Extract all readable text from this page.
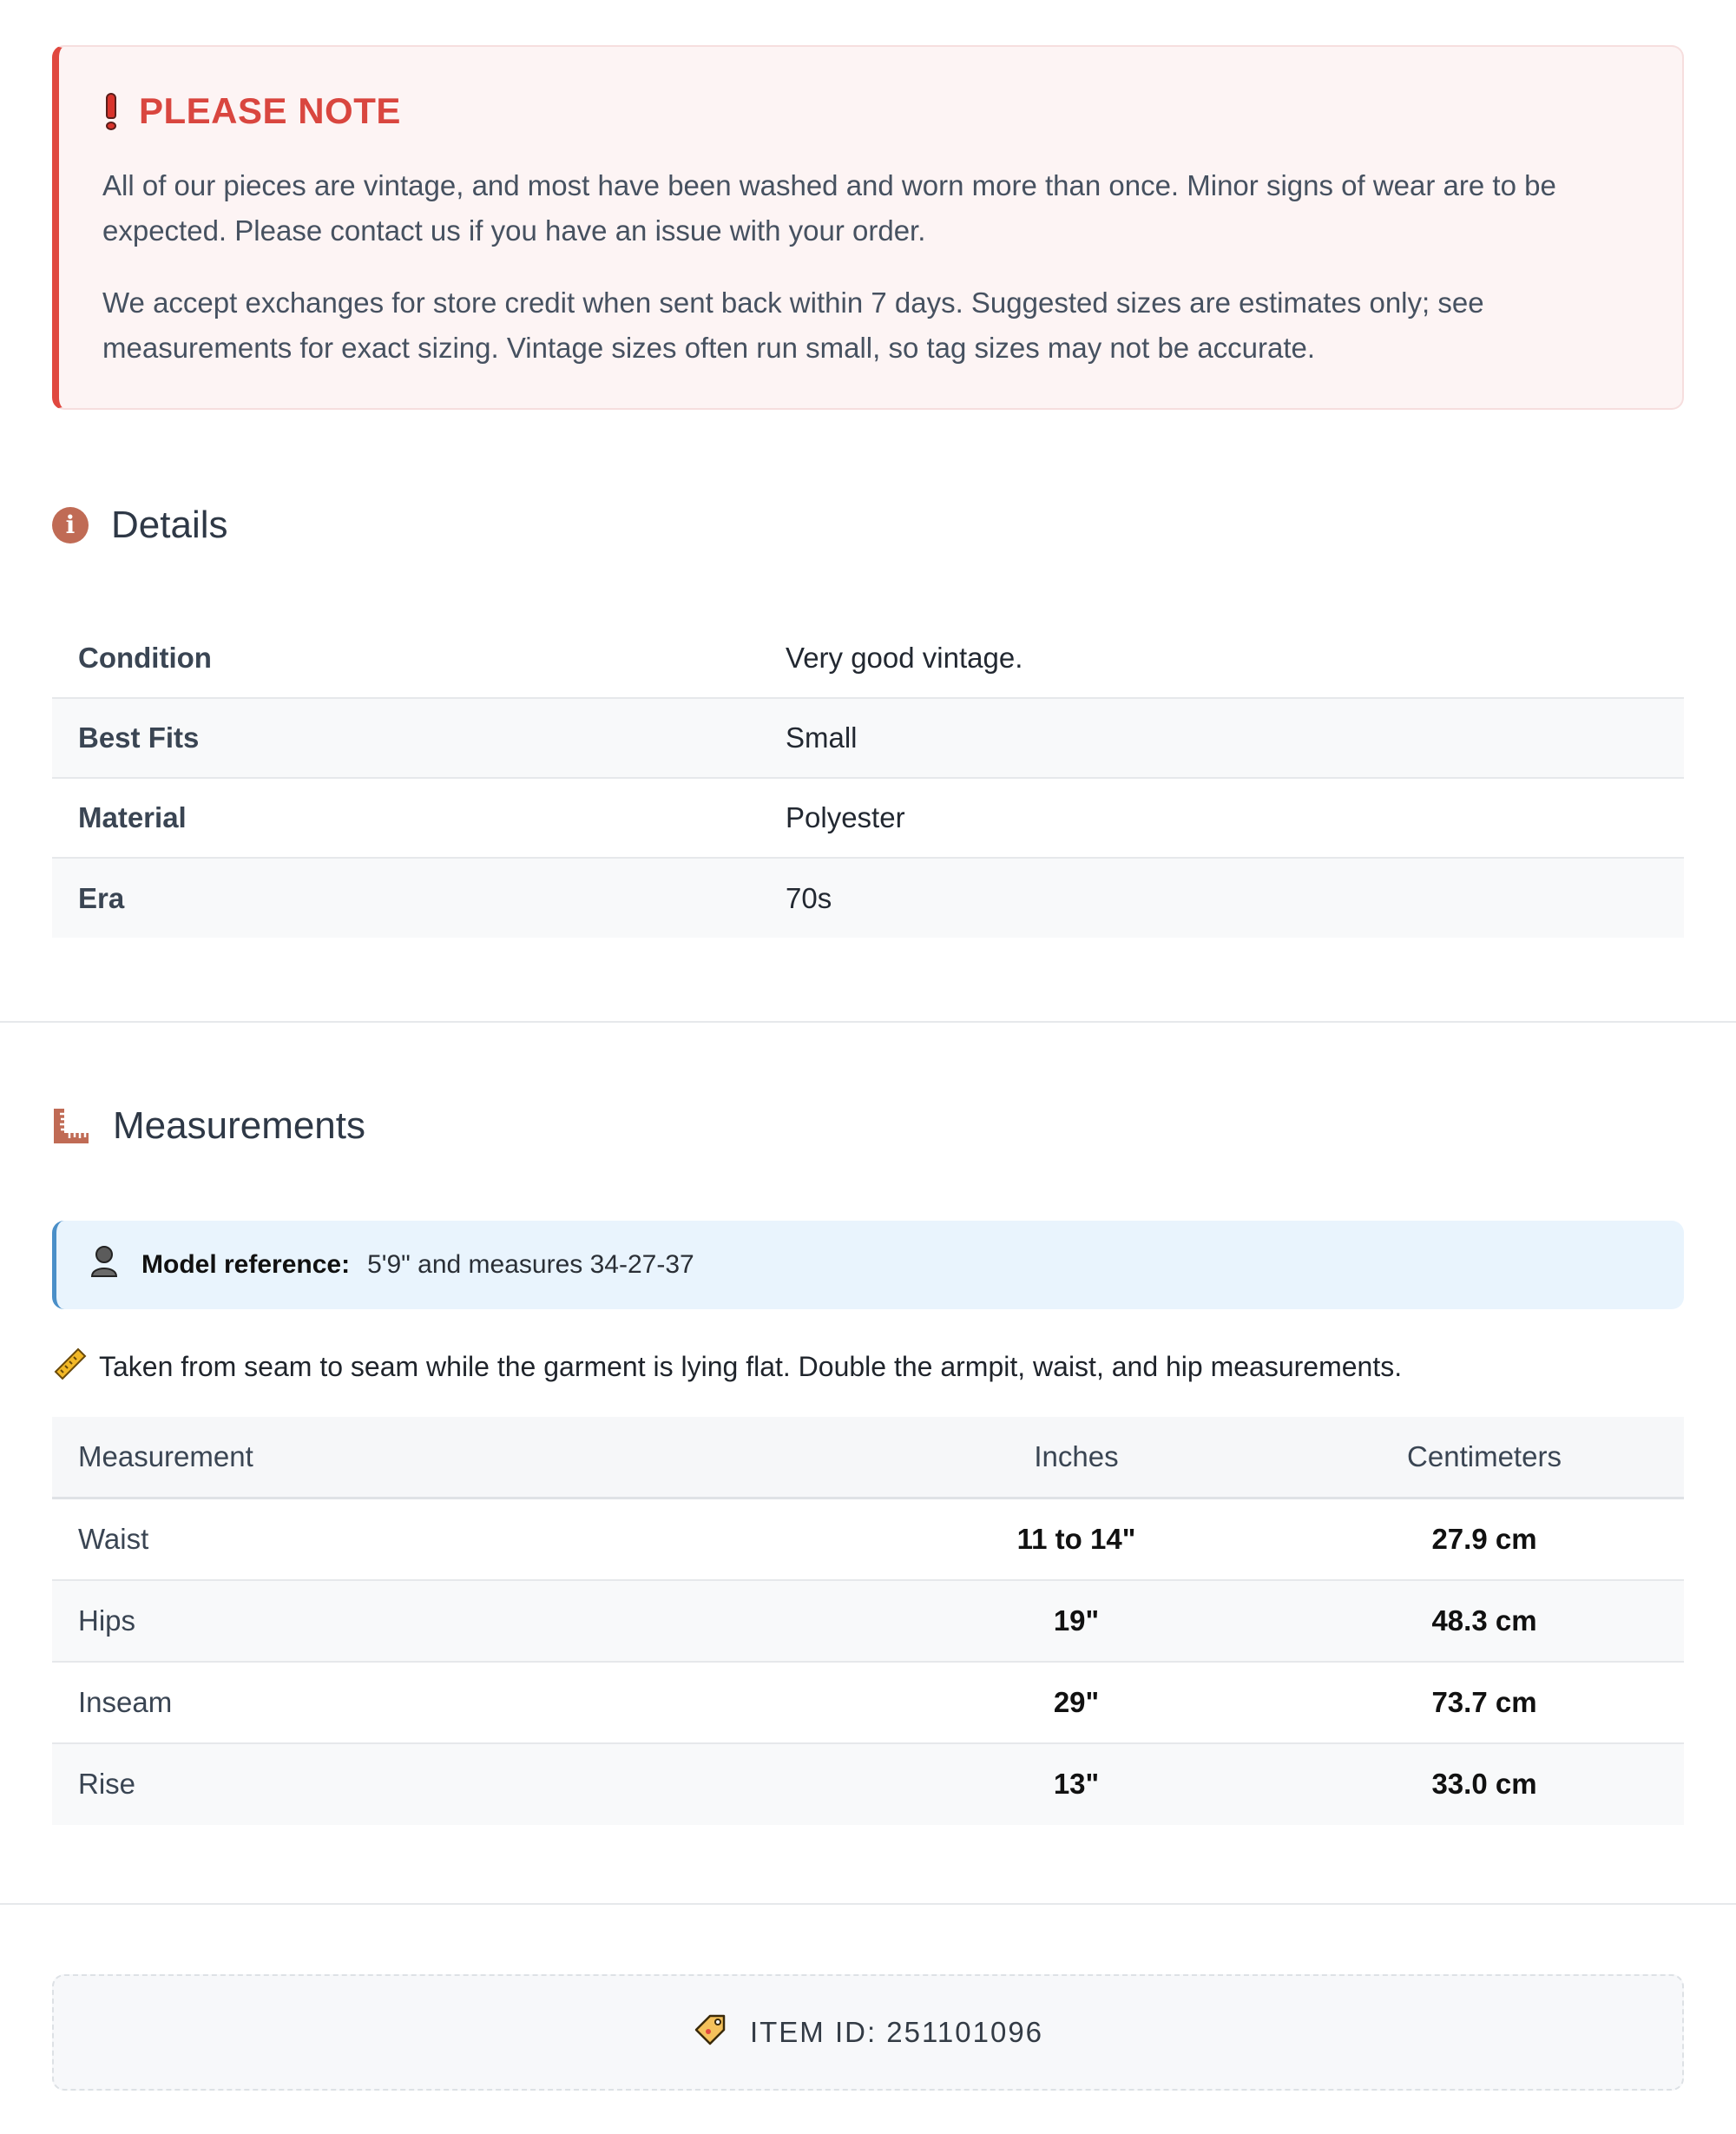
PLEASE NOTE

All of our pieces are vintage, and most have been washed and worn more than once. Minor signs of wear are to be expected. Please contact us if you have an issue with your order.

We accept exchanges for store credit when sent back within 7 days. Suggested sizes are estimates only; see measurements for exact sizing. Vintage sizes often run small, so tag sizes may not be accurate.

i Details
Condition	Very good vintage.
Best Fits	Small
Material	Polyester
Era	70s
Measurements
Model reference: 5'9" and measures 34-27-37
Taken from seam to seam while the garment is lying flat. Double the armpit, waist, and hip measurements.
Measurement	Inches	Centimeters
Waist	11 to 14"	27.9 cm
Hips	19"	48.3 cm
Inseam	29"	73.7 cm
Rise	13"	33.0 cm
ITEM ID: 251101096
